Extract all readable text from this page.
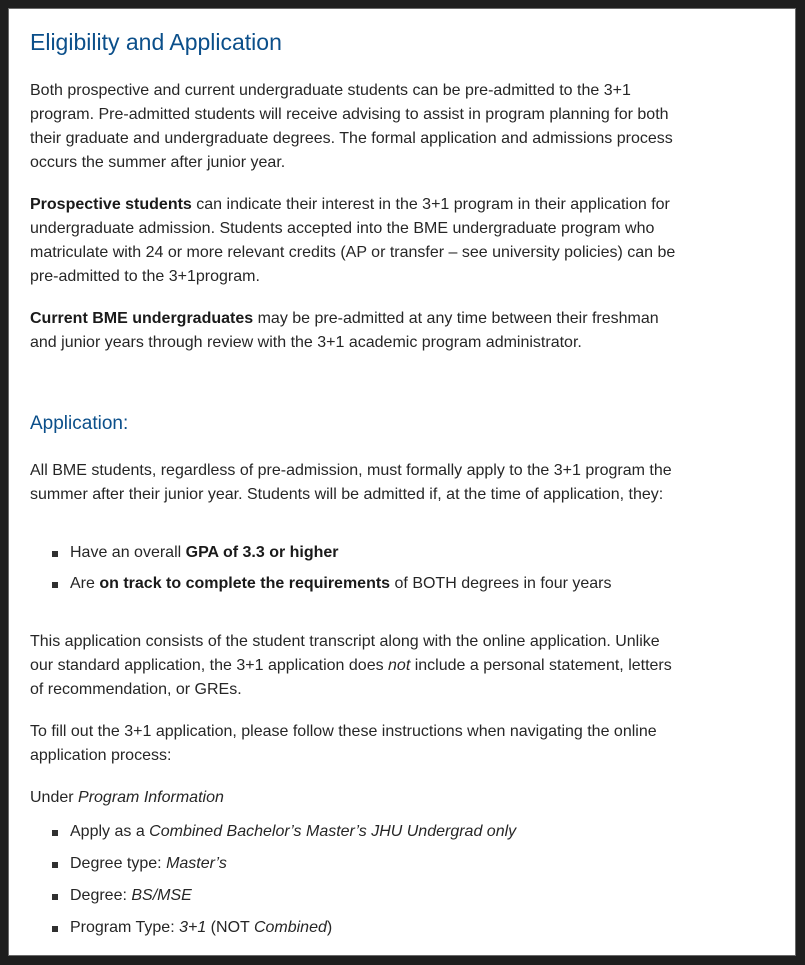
Eligibility and Application

Both prospective and current undergraduate students can be pre-admitted to the 3+1 program. Pre-admitted students will receive advising to assist in program planning for both their graduate and undergraduate degrees. The formal application and admissions process occurs the summer after junior year.

Prospective students can indicate their interest in the 3+1 program in their application for undergraduate admission. Students accepted into the BME undergraduate program who matriculate with 24 or more relevant credits (AP or transfer – see university policies) can be pre-admitted to the 3+1program.

Current BME undergraduates may be pre-admitted at any time between their freshman and junior years through review with the 3+1 academic program administrator.

Application:

All BME students, regardless of pre-admission, must formally apply to the 3+1 program the summer after their junior year. Students will be admitted if, at the time of application, they:

Have an overall GPA of 3.3 or higher
Are on track to complete the requirements of BOTH degrees in four years

This application consists of the student transcript along with the online application. Unlike our standard application, the 3+1 application does not include a personal statement, letters of recommendation, or GREs.

To fill out the 3+1 application, please follow these instructions when navigating the online application process:

Under Program Information

Apply as a Combined Bachelor’s Master’s JHU Undergrad only
Degree type: Master’s
Degree: BS/MSE
Program Type: 3+1 (NOT Combined)
